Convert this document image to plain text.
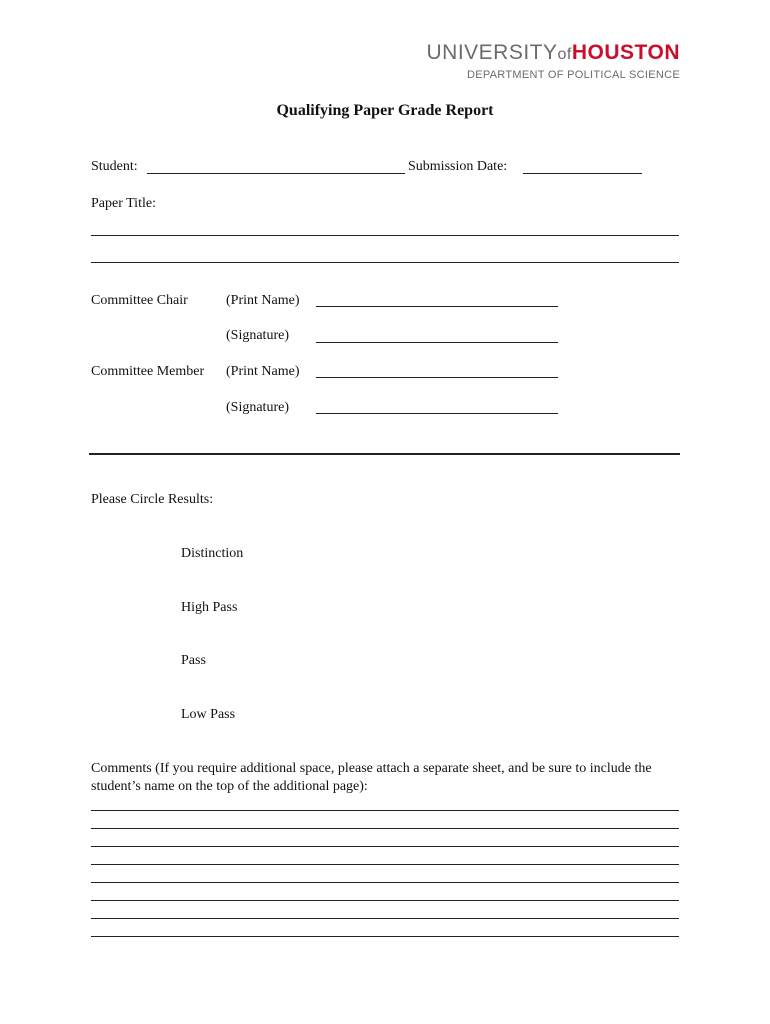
UNIVERSITYofHOUSTON
DEPARTMENT OF POLITICAL SCIENCE
Qualifying Paper Grade Report
Student:	Submission Date:
Paper Title:
Committee Chair	(Print Name)
(Signature)
Committee Member (Print Name)
(Signature)
Please Circle Results:
Distinction
High Pass
Pass
Low Pass
Comments (If you require additional space, please attach a separate sheet, and be sure to include the student’s name on the top of the additional page):
